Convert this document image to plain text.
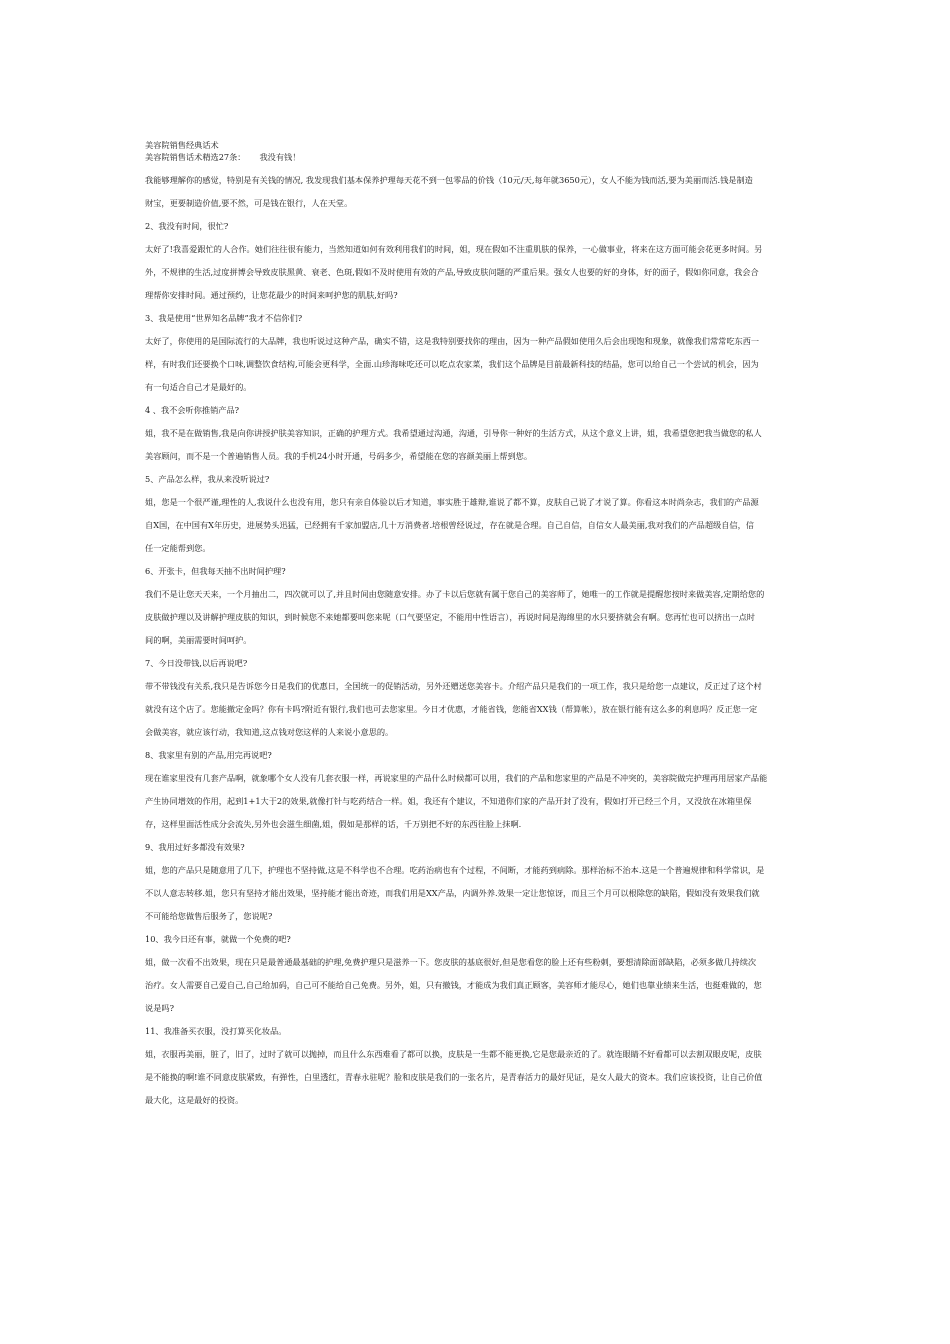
美容院销售经典话术

美容院销售话术精选27条： 我没有钱！

我能够理解你的感觉，特别是有关钱的情况, 我发现我们基本保养护理每天花不到一包零品的价钱（10元/天,每年就3650元），女人不能为钱而活,要为美丽而活.钱是制造

财宝，更要制造价值,要不然，可是钱在银行，人在天堂。

2、我没有时间，很忙?

太好了!我喜爱跟忙的人合作。她们往往很有能力，当然知道如何有效利用我们的时间，姐，现在假如不注重肌肤的保养，一心做事业，将来在这方面可能会花更多时间。另

外，不规律的生活,过度拼博会导致皮肤黑黄、衰老、色斑,假如不及时使用有效的产品,导致皮肤问题的严重后果。强女人也要的好的身体，好的面子，假如你同意，我会合

理帮你安排时间。通过预约，让您花最少的时间来呵护您的肌肤,好吗?

3、我是使用“世界知名品牌”我才不信你们?

太好了，你使用的是国际流行的大品牌，我也听说过这种产品，确实不错，这是我特别要找你的理由，因为一种产品假如使用久后会出现饱和现象，就像我们常常吃东西一

样，有时我们还要换个口味,调整饮食结构,可能会更科学，全面.山珍海味吃还可以吃点农家菜，我们这个品牌是目前最新科技的结晶，您可以给自己一个尝试的机会，因为

有一句适合自己才是最好的。

4 、我不会听你推销产品?

姐，我不是在做销售,我是向你讲授护肤美容知识，正确的护理方式。我希望通过沟通，沟通，引导你一种好的生活方式，从这个意义上讲，姐，我希望您把我当做您的私人

美容顾问，而不是一个普遍销售人员。我的手机24小时开通，号码多少，希望能在您的容颜美丽上帮到您。

5、产品怎么样，我从来没听说过?

姐，您是一个很严谨,理性的人,我说什么也没有用，您只有亲自体验以后才知道，事实胜于雄辩,谁说了都不算，皮肤自己说了才说了算。你看这本时尚杂志，我们的产品源

自X国，在中国有X年历史，进展势头迅猛，已经拥有千家加盟店,几十万消费者.培根曾经说过，存在就是合理。自己自信，自信女人最美丽,我对我们的产品超级自信，信

任一定能帮到您。

6、开张卡，但我每天抽不出时间护理?

我们不是让您天天来，一个月抽出二，四次就可以了,并且时间由您随意安排。办了卡以后您就有属于您自己的美容师了，她唯一的工作就是提醒您按时来做美容,定期给您的

皮肤做护理以及讲解护理皮肤的知识，到时候您不来她都要叫您来呢（口气要坚定，不能用中性语言），再说时间是海绵里的水只要挤就会有啊。您再忙也可以挤出一点时

间的啊，美丽需要时间呵护。

7、今日没带钱,以后再说吧?

带不带钱没有关系,我只是告诉您今日是我们的优惠日，全国统一的促销活动，另外还赠送您美容卡。介绍产品只是我们的一项工作，我只是给您一点建议，反正过了这个村

就没有这个店了。您能撤定金吗？你有卡吗?附近有银行,我们也可去您家里。今日才优惠，才能省钱，您能省XX钱（帮算帐），放在银行能有这么多的利息吗？反正您一定

会做美容，就应该行动，我知道,这点钱对您这样的人来说小意思的。

8、我家里有别的产品,用完再说吧?

现在谁家里没有几套产品啊，就象哪个女人没有几套衣服一样，再说家里的产品什么时候都可以用，我们的产品和您家里的产品是不冲突的，美容院做完护理再用居家产品能

产生协同增效的作用，起到1+1大于2的效果,就像打针与吃药结合一样。姐，我还有个建议，不知道你们家的产品开封了没有，假如打开已经三个月，又没放在冰箱里保

存，这样里面活性成分会流失,另外也会滋生细菌,姐，假如是那样的话，千万别把不好的东西往脸上抹啊.

9、我用过好多都没有效果?

姐，您的产品只是随意用了几下，护理也不坚持做,这是不科学也不合理。吃药治病也有个过程，不间断，才能药到病除。那样治标不治本.这是一个普遍规律和科学常识，是

不以人意志转移.姐，您只有坚持才能出效果，坚持能才能出奇迹，而我们用是XX产品，内调外养.效果一定让您惊讶，而且三个月可以根除您的缺陷，假如没有效果我们就

不可能给您做售后服务了，您说呢?

10、我今日还有事，就做一个免费的吧?

姐，做一次看不出效果，现在只是最普通最基础的护理,免费护理只是滋养一下。您皮肤的基底很好,但是您看您的脸上还有些粉刺，要想清除面部缺陷，必须多做几持续次

治疗。女人需要自己爱自己,自己给加码，自己可不能给自己免费。另外，姐，只有撤钱，才能成为我们真正顾客，美容师才能尽心，她们也靠业绩来生活，也挺难做的，您

说是吗?

11、我准备买衣服，没打算买化妆品。

姐，衣服再美丽，脏了，旧了，过时了就可以抛掉，而且什么东西难看了都可以换，皮肤是一生都不能更换,它是您最亲近的了。就连眼睛不好看都可以去割双眼皮呢，皮肤

是不能换的啊!谁不同意皮肤紧致，有弹性，白里透红，青春永驻呢？脸和皮肤是我们的一张名片，是青春活力的最好见证，是女人最大的资本。我们应该投资，让自己价值

最大化，这是最好的投资。
